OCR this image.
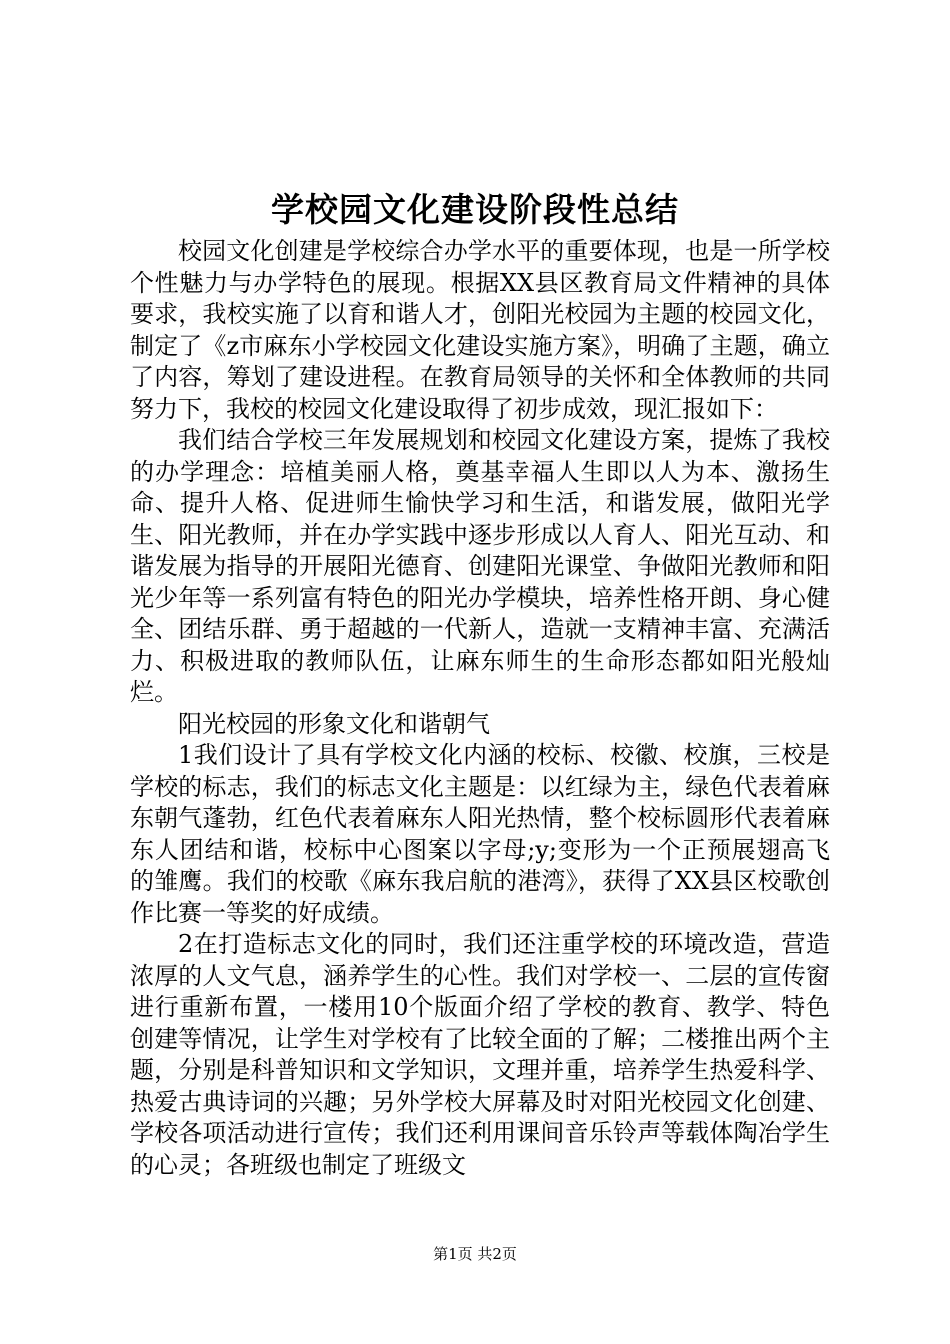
学校园文化建设阶段性总结

校园文化创建是学校综合办学水平的重要体现，也是一所学校个性魅力与办学特色的展现。根据XX县区教育局文件精神的具体要求，我校实施了以育和谐人才，创阳光校园为主题的校园文化，制定了《z市麻东小学校园文化建设实施方案》，明确了主题，确立了内容，筹划了建设进程。在教育局领导的关怀和全体教师的共同努力下，我校的校园文化建设取得了初步成效，现汇报如下：

我们结合学校三年发展规划和校园文化建设方案，提炼了我校的办学理念：培植美丽人格，奠基幸福人生即以人为本、激扬生命、提升人格、促进师生愉快学习和生活，和谐发展，做阳光学生、阳光教师，并在办学实践中逐步形成以人育人、阳光互动、和谐发展为指导的开展阳光德育、创建阳光课堂、争做阳光教师和阳光少年等一系列富有特色的阳光办学模块，培养性格开朗、身心健全、团结乐群、勇于超越的一代新人，造就一支精神丰富、充满活力、积极进取的教师队伍，让麻东师生的生命形态都如阳光般灿烂。

阳光校园的形象文化和谐朝气

1我们设计了具有学校文化内涵的校标、校徽、校旗，三校是学校的标志，我们的标志文化主题是：以红绿为主，绿色代表着麻东朝气蓬勃，红色代表着麻东人阳光热情，整个校标圆形代表着麻东人团结和谐，校标中心图案以字母;y;变形为一个正预展翅高飞的雏鹰。我们的校歌《麻东我启航的港湾》，获得了XX县区校歌创作比赛一等奖的好成绩。

2在打造标志文化的同时，我们还注重学校的环境改造，营造浓厚的人文气息，涵养学生的心性。我们对学校一、二层的宣传窗进行重新布置，一楼用10个版面介绍了学校的教育、教学、特色创建等情况，让学生对学校有了比较全面的了解；二楼推出两个主题，分别是科普知识和文学知识，文理并重，培养学生热爱科学、热爱古典诗词的兴趣；另外学校大屏幕及时对阳光校园文化创建、学校各项活动进行宣传；我们还利用课间音乐铃声等载体陶冶学生的心灵；各班级也制定了班级文

第1页 共2页
